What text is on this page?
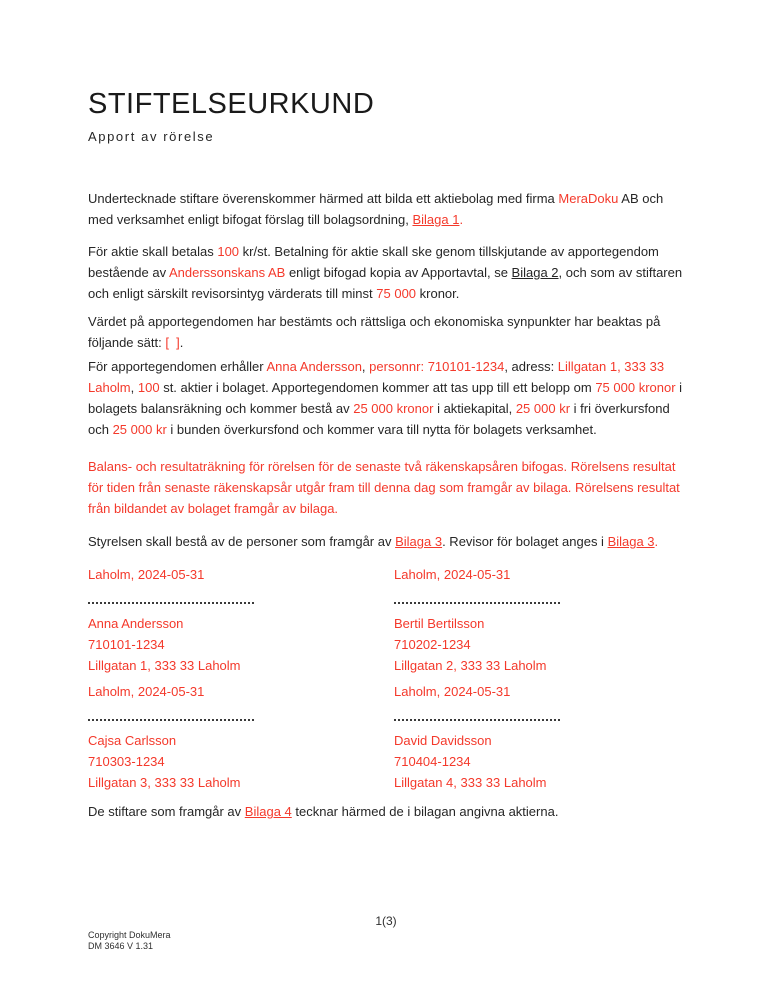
STIFTELSEURKUND
Apport av rörelse

Undertecknade stiftare överenskommer härmed att bilda ett aktiebolag med firma MeraDoku AB och med verksamhet enligt bifogat förslag till bolagsordning, Bilaga 1.

För aktie skall betalas 100 kr/st. Betalning för aktie skall ske genom tillskjutande av apportegendom bestående av Anderssonskans AB enligt bifogad kopia av Apportavtal, se Bilaga 2, och som av stiftaren och enligt särskilt revisorsintyg värderats till minst 75 000 kronor.

Värdet på apportegendomen har bestämts och rättsliga och ekonomiska synpunkter har beaktas på följande sätt: [  ].

För apportegendomen erhåller Anna Andersson, personnr: 710101-1234, adress: Lillgatan 1, 333 33 Laholm, 100 st. aktier i bolaget. Apportegendomen kommer att tas upp till ett belopp om 75 000 kronor i bolagets balansräkning och kommer bestå av 25 000 kronor i aktiekapital, 25 000 kr i fri överkursfond och 25 000 kr i bunden överkursfond och kommer vara till nytta för bolagets verksamhet.

Balans- och resultaträkning för rörelsen för de senaste två räkenskapsåren bifogas. Rörelsens resultat för tiden från senaste räkenskapsår utgår fram till denna dag som framgår av bilaga. Rörelsens resultat från bildandet av bolaget framgår av bilaga.

Styrelsen skall bestå av de personer som framgår av Bilaga 3. Revisor för bolaget anges i Bilaga 3.

Laholm, 2024-05-31
Anna Andersson
710101-1234
Lillgatan 1, 333 33 Laholm
Laholm, 2024-05-31
Bertil Bertilsson
710202-1234
Lillgatan 2, 333 33 Laholm
Laholm, 2024-05-31
Cajsa Carlsson
710303-1234
Lillgatan 3, 333 33 Laholm
Laholm, 2024-05-31
David Davidsson
710404-1234
Lillgatan 4, 333 33 Laholm

De stiftare som framgår av Bilaga 4 tecknar härmed de i bilagan angivna aktierna.

1(3)
Copyright DokuMera
DM 3646 V 1.31
